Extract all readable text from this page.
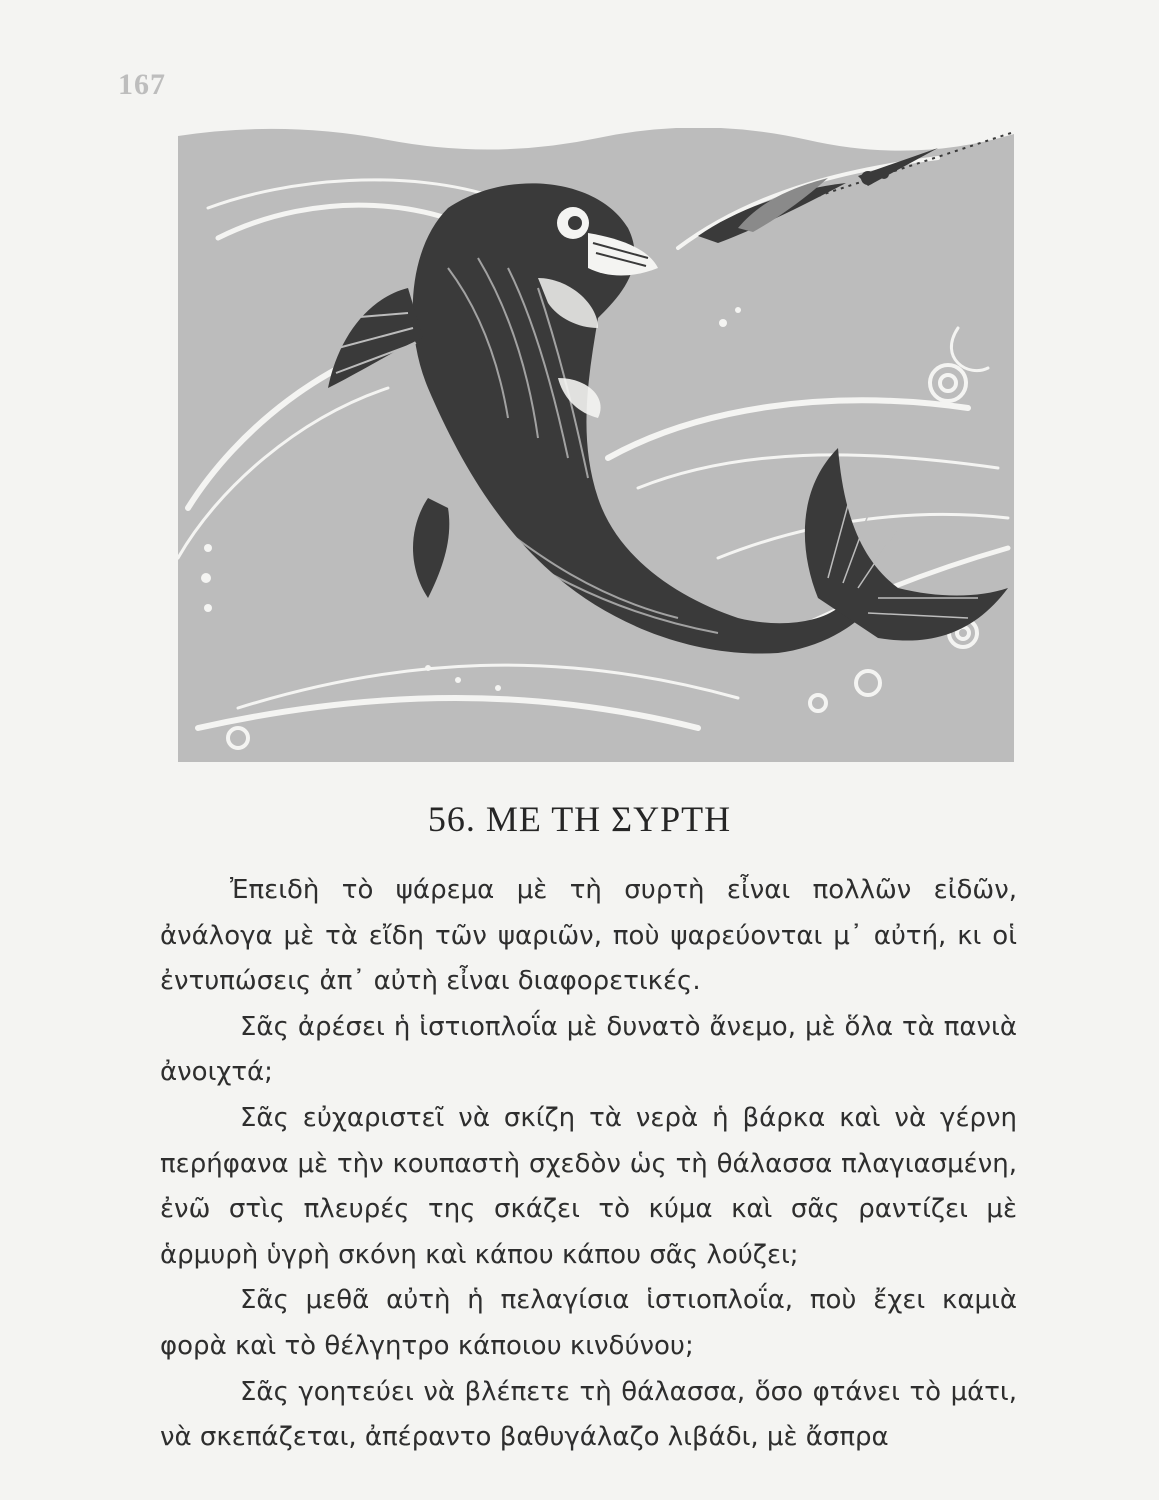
167
56. ΜΕ ΤΗ ΣΥΡΤΗ

Ἐπειδὴ τὸ ψάρεμα μὲ τὴ συρτὴ εἶναι πολλῶν εἰδῶν, ἀνάλογα μὲ τὰ εἴδη τῶν ψαριῶν, ποὺ ψαρεύονται μ᾽ αὐτή, κι οἱ ἐντυπώσεις ἀπ᾽ αὐτὴ εἶναι διαφορετικές.

Σᾶς ἀρέσει ἡ ἱστιοπλοΐα μὲ δυνατὸ ἄνεμο, μὲ ὅλα τὰ πανιὰ ἀνοιχτά;

Σᾶς εὐχαριστεῖ νὰ σκίζη τὰ νερὰ ἡ βάρκα καὶ νὰ γέρνη περήφανα μὲ τὴν κουπαστὴ σχεδὸν ὡς τὴ θάλασσα πλαγιασμένη, ἐνῶ στὶς πλευρές της σκάζει τὸ κύμα καὶ σᾶς ραντίζει μὲ ἁρμυρὴ ὑγρὴ σκόνη καὶ κάπου κάπου σᾶς λούζει;

Σᾶς μεθᾶ αὐτὴ ἡ πελαγίσια ἱστιοπλοΐα, ποὺ ἔχει καμιὰ φορὰ καὶ τὸ θέλγητρο κάποιου κινδύνου;

Σᾶς γοητεύει νὰ βλέπετε τὴ θάλασσα, ὅσο φτάνει τὸ μάτι, νὰ σκεπάζεται, ἀπέραντο βαθυγάλαζο λιβάδι, μὲ ἄσπρα
